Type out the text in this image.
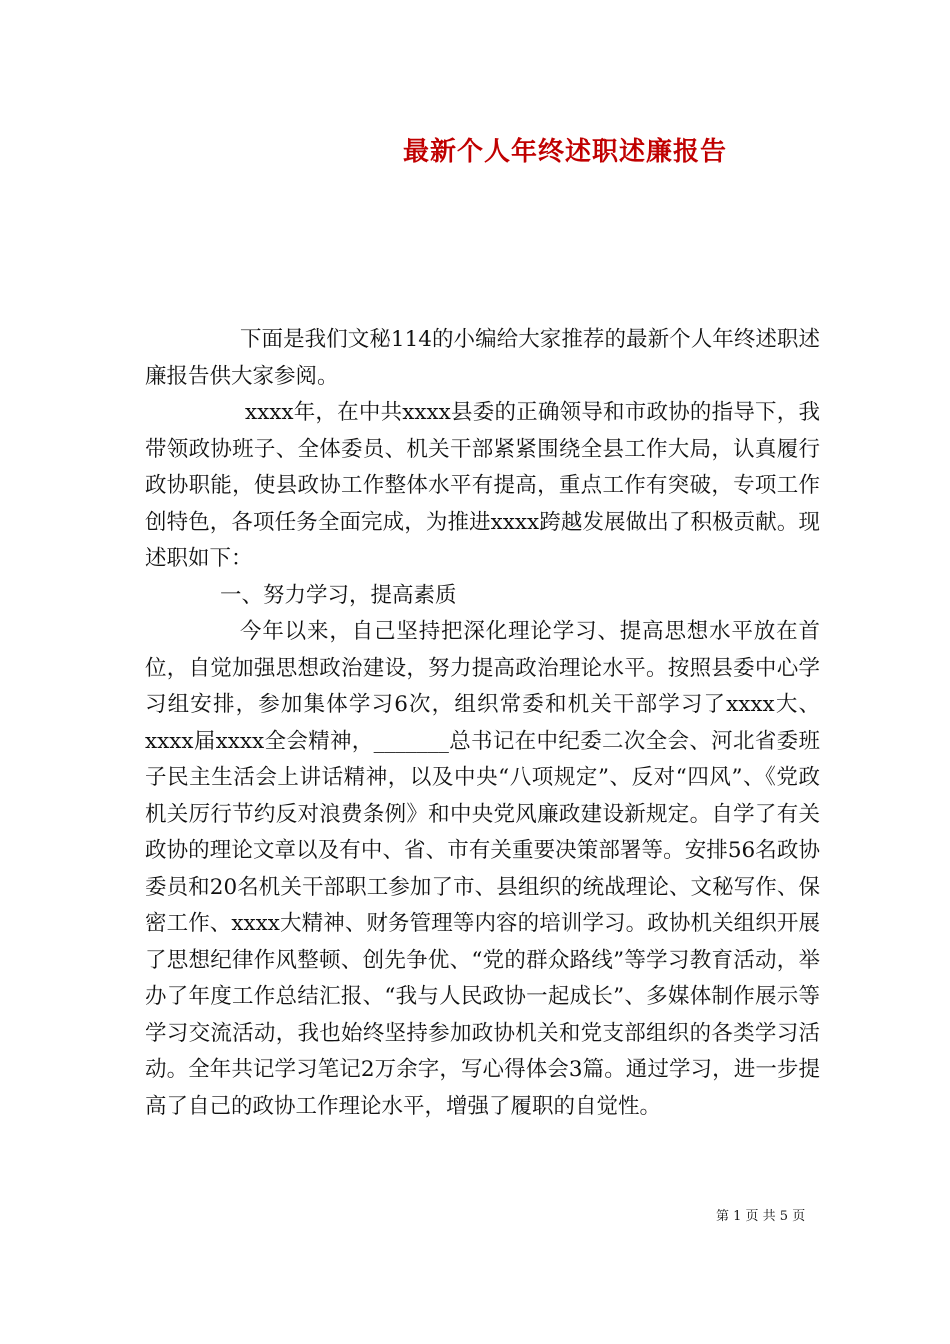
最新个人年终述职述廉报告

下面是我们文秘114的小编给大家推荐的最新个人年终述职述廉报告供大家参阅。

xxxx年，在中共xxxx县委的正确领导和市政协的指导下，我带领政协班子、全体委员、机关干部紧紧围绕全县工作大局，认真履行政协职能，使县政协工作整体水平有提高，重点工作有突破，专项工作创特色，各项任务全面完成，为推进xxxx跨越发展做出了积极贡献。现述职如下：

一、努力学习，提高素质

今年以来，自己坚持把深化理论学习、提高思想水平放在首位，自觉加强思想政治建设，努力提高政治理论水平。按照县委中心学习组安排，参加集体学习6次，组织常委和机关干部学习了xxxx大、xxxx届xxxx全会精神，_______总书记在中纪委二次全会、河北省委班子民主生活会上讲话精神，以及中央“八项规定”、反对“四风”、《党政机关厉行节约反对浪费条例》和中央党风廉政建设新规定。自学了有关政协的理论文章以及有中、省、市有关重要决策部署等。安排56名政协委员和20名机关干部职工参加了市、县组织的统战理论、文秘写作、保密工作、xxxx大精神、财务管理等内容的培训学习。政协机关组织开展了思想纪律作风整顿、创先争优、“党的群众路线”等学习教育活动，举办了年度工作总结汇报、“我与人民政协一起成长”、多媒体制作展示等学习交流活动，我也始终坚持参加政协机关和党支部组织的各类学习活动。全年共记学习笔记2万余字，写心得体会3篇。通过学习，进一步提高了自己的政协工作理论水平，增强了履职的自觉性。

第 1 页 共 5 页
